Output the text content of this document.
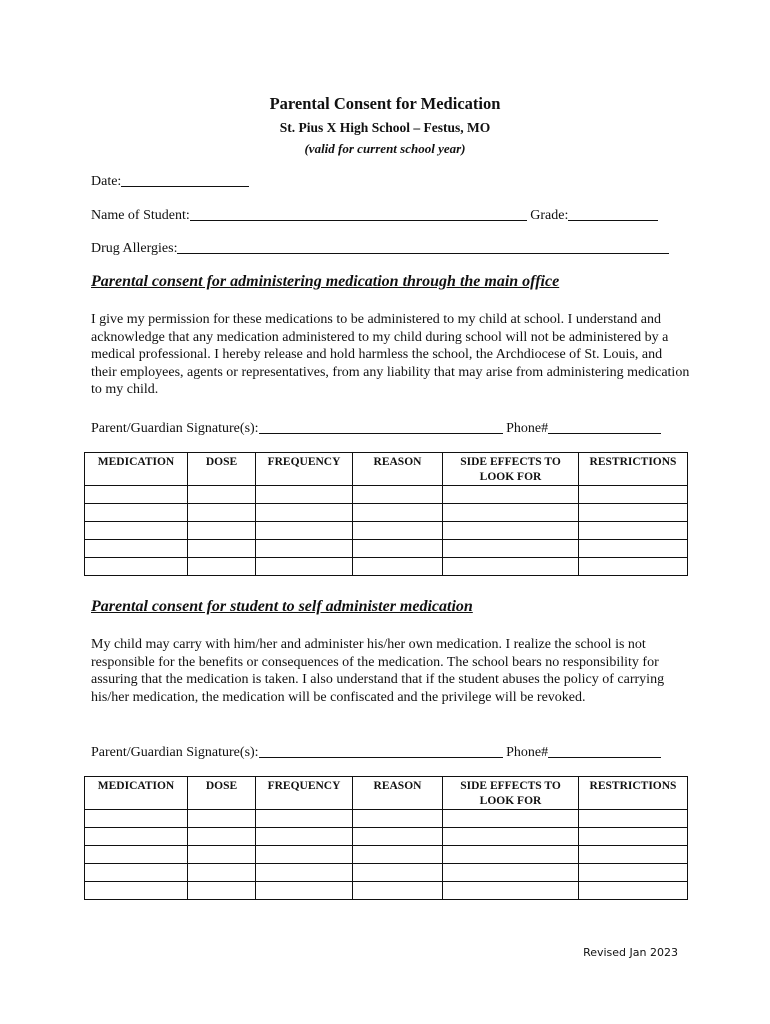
Parental Consent for Medication
St. Pius X High School – Festus, MO
(valid for current school year)
Date:
Name of Student:	Grade:
Drug Allergies:
Parental consent for administering medication through the main office
I give my permission for these medications to be administered to my child at school. I understand and acknowledge that any medication administered to my child during school will not be administered by a medical professional. I hereby release and hold harmless the school, the Archdiocese of St. Louis, and their employees, agents or representatives, from any liability that may arise from administering medication to my child.
Parent/Guardian Signature(s):	Phone#
MEDICATION	DOSE	FREQUENCY	REASON	SIDE EFFECTS TO LOOK FOR	RESTRICTIONS

Parental consent for student to self administer medication
My child may carry with him/her and administer his/her own medication. I realize the school is not responsible for the benefits or consequences of the medication. The school bears no responsibility for assuring that the medication is taken. I also understand that if the student abuses the policy of carrying his/her medication, the medication will be confiscated and the privilege will be revoked.
Parent/Guardian Signature(s):	Phone#
MEDICATION	DOSE	FREQUENCY	REASON	SIDE EFFECTS TO LOOK FOR	RESTRICTIONS

Revised Jan 2023
